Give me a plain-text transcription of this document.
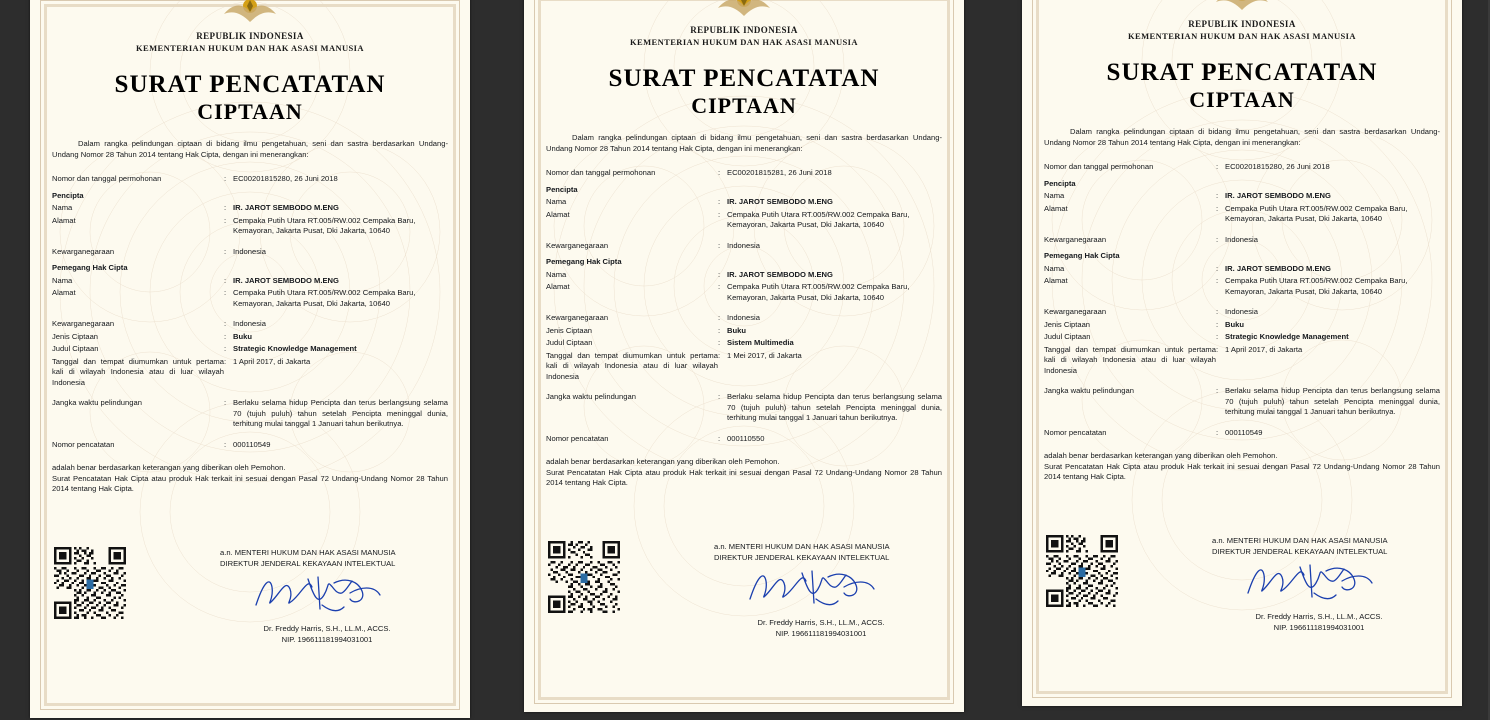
REPUBLIK INDONESIA
KEMENTERIAN HUKUM DAN HAK ASASI MANUSIA
SURAT PENCATATAN
CIPTAAN
Dalam rangka pelindungan ciptaan di bidang ilmu pengetahuan, seni dan sastra berdasarkan Undang-Undang Nomor 28 Tahun 2014 tentang Hak Cipta, dengan ini menerangkan:
Nomor dan tanggal permohonan	:	EC00201815280, 26 Juni 2018
Pencipta		
Nama	:	IR. JAROT SEMBODO M.ENG
Alamat	:	Cempaka Putih Utara RT.005/RW.002 Cempaka Baru, Kemayoran, Jakarta Pusat, Dki Jakarta, 10640

Kewarganegaraan	:	Indonesia
Pemegang Hak Cipta		
Nama	:	IR. JAROT SEMBODO M.ENG
Alamat	:	Cempaka Putih Utara RT.005/RW.002 Cempaka Baru, Kemayoran, Jakarta Pusat, Dki Jakarta, 10640

Kewarganegaraan	:	Indonesia
Jenis Ciptaan	:	Buku
Judul Ciptaan	:	Strategic Knowledge Management
Tanggal dan tempat diumumkan untuk pertama kali di wilayah Indonesia atau di luar wilayah Indonesia	:	1 April 2017, di Jakarta

Jangka waktu pelindungan	:	Berlaku selama hidup Pencipta dan terus berlangsung selama 70 (tujuh puluh) tahun setelah Pencipta meninggal dunia, terhitung mulai tanggal 1 Januari tahun berikutnya.

Nomor pencatatan	:	000110549
adalah benar berdasarkan keterangan yang diberikan oleh Pemohon.
Surat Pencatatan Hak Cipta atau produk Hak terkait ini sesuai dengan Pasal 72 Undang-Undang Nomor 28 Tahun 2014 tentang Hak Cipta.
a.n. MENTERI HUKUM DAN HAK ASASI MANUSIA
DIREKTUR JENDERAL KEKAYAAN INTELEKTUAL
Dr. Freddy Harris, S.H., LL.M., ACCS.
NIP. 196611181994031001
REPUBLIK INDONESIA
KEMENTERIAN HUKUM DAN HAK ASASI MANUSIA
SURAT PENCATATAN
CIPTAAN
Dalam rangka pelindungan ciptaan di bidang ilmu pengetahuan, seni dan sastra berdasarkan Undang-Undang Nomor 28 Tahun 2014 tentang Hak Cipta, dengan ini menerangkan:
Nomor dan tanggal permohonan	:	EC00201815281, 26 Juni 2018
Pencipta		
Nama	:	IR. JAROT SEMBODO M.ENG
Alamat	:	Cempaka Putih Utara RT.005/RW.002 Cempaka Baru, Kemayoran, Jakarta Pusat, Dki Jakarta, 10640

Kewarganegaraan	:	Indonesia
Pemegang Hak Cipta		
Nama	:	IR. JAROT SEMBODO M.ENG
Alamat	:	Cempaka Putih Utara RT.005/RW.002 Cempaka Baru, Kemayoran, Jakarta Pusat, Dki Jakarta, 10640

Kewarganegaraan	:	Indonesia
Jenis Ciptaan	:	Buku
Judul Ciptaan	:	Sistem Multimedia
Tanggal dan tempat diumumkan untuk pertama kali di wilayah Indonesia atau di luar wilayah Indonesia	:	1 Mei 2017, di Jakarta

Jangka waktu pelindungan	:	Berlaku selama hidup Pencipta dan terus berlangsung selama 70 (tujuh puluh) tahun setelah Pencipta meninggal dunia, terhitung mulai tanggal 1 Januari tahun berikutnya.

Nomor pencatatan	:	000110550
adalah benar berdasarkan keterangan yang diberikan oleh Pemohon.
Surat Pencatatan Hak Cipta atau produk Hak terkait ini sesuai dengan Pasal 72 Undang-Undang Nomor 28 Tahun 2014 tentang Hak Cipta.
a.n. MENTERI HUKUM DAN HAK ASASI MANUSIA
DIREKTUR JENDERAL KEKAYAAN INTELEKTUAL
Dr. Freddy Harris, S.H., LL.M., ACCS.
NIP. 196611181994031001
REPUBLIK INDONESIA
KEMENTERIAN HUKUM DAN HAK ASASI MANUSIA
SURAT PENCATATAN
CIPTAAN
Dalam rangka pelindungan ciptaan di bidang ilmu pengetahuan, seni dan sastra berdasarkan Undang-Undang Nomor 28 Tahun 2014 tentang Hak Cipta, dengan ini menerangkan:
Nomor dan tanggal permohonan	:	EC00201815280, 26 Juni 2018
Pencipta		
Nama	:	IR. JAROT SEMBODO M.ENG
Alamat	:	Cempaka Putih Utara RT.005/RW.002 Cempaka Baru, Kemayoran, Jakarta Pusat, Dki Jakarta, 10640

Kewarganegaraan	:	Indonesia
Pemegang Hak Cipta		
Nama	:	IR. JAROT SEMBODO M.ENG
Alamat	:	Cempaka Putih Utara RT.005/RW.002 Cempaka Baru, Kemayoran, Jakarta Pusat, Dki Jakarta, 10640

Kewarganegaraan	:	Indonesia
Jenis Ciptaan	:	Buku
Judul Ciptaan	:	Strategic Knowledge Management
Tanggal dan tempat diumumkan untuk pertama kali di wilayah Indonesia atau di luar wilayah Indonesia	:	1 April 2017, di Jakarta

Jangka waktu pelindungan	:	Berlaku selama hidup Pencipta dan terus berlangsung selama 70 (tujuh puluh) tahun setelah Pencipta meninggal dunia, terhitung mulai tanggal 1 Januari tahun berikutnya.

Nomor pencatatan	:	000110549
adalah benar berdasarkan keterangan yang diberikan oleh Pemohon.
Surat Pencatatan Hak Cipta atau produk Hak terkait ini sesuai dengan Pasal 72 Undang-Undang Nomor 28 Tahun 2014 tentang Hak Cipta.
a.n. MENTERI HUKUM DAN HAK ASASI MANUSIA
DIREKTUR JENDERAL KEKAYAAN INTELEKTUAL
Dr. Freddy Harris, S.H., LL.M., ACCS.
NIP. 196611181994031001
